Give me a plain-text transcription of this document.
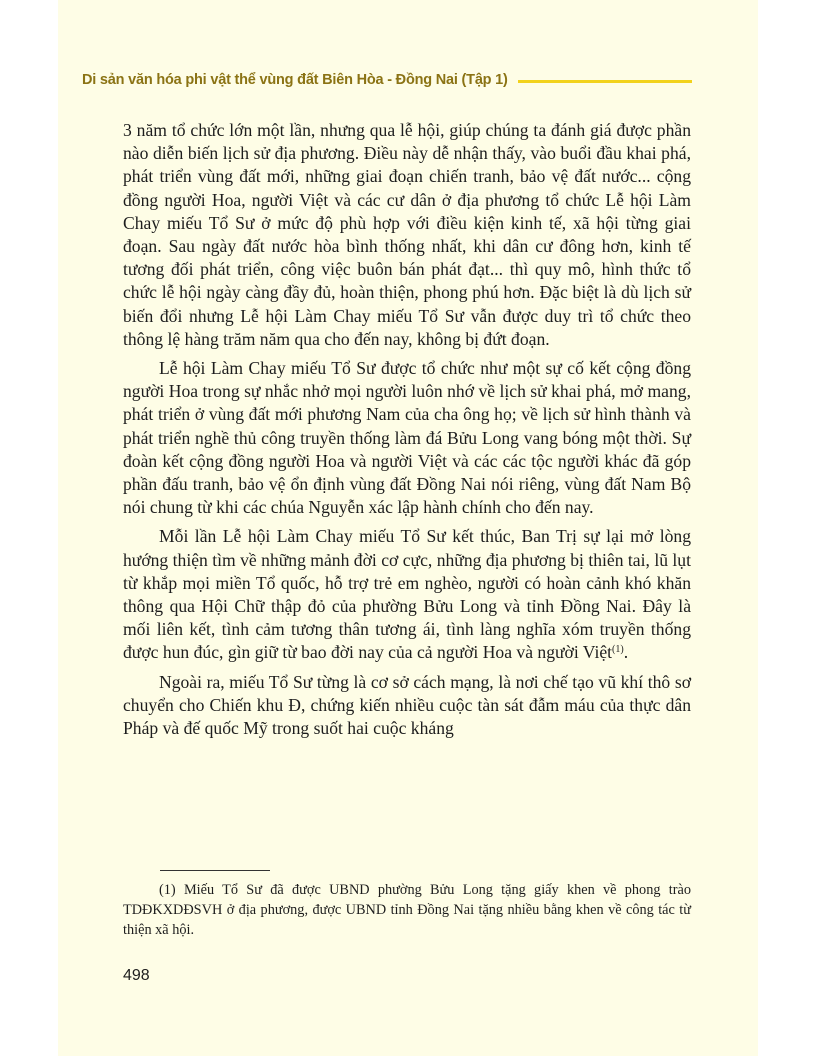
Di sản văn hóa phi vật thể vùng đất Biên Hòa - Đồng Nai (Tập 1)

3 năm tổ chức lớn một lần, nhưng qua lễ hội, giúp chúng ta đánh giá được phần nào diễn biến lịch sử địa phương. Điều này dễ nhận thấy, vào buổi đầu khai phá, phát triển vùng đất mới, những giai đoạn chiến tranh, bảo vệ đất nước... cộng đồng người Hoa, người Việt và các cư dân ở địa phương tổ chức Lễ hội Làm Chay miếu Tổ Sư ở mức độ phù hợp với điều kiện kinh tế, xã hội từng giai đoạn. Sau ngày đất nước hòa bình thống nhất, khi dân cư đông hơn, kinh tế tương đối phát triển, công việc buôn bán phát đạt... thì quy mô, hình thức tổ chức lễ hội ngày càng đầy đủ, hoàn thiện, phong phú hơn. Đặc biệt là dù lịch sử biến đổi nhưng Lễ hội Làm Chay miếu Tổ Sư vẫn được duy trì tổ chức theo thông lệ hàng trăm năm qua cho đến nay, không bị đứt đoạn.

Lễ hội Làm Chay miếu Tổ Sư được tổ chức như một sự cố kết cộng đồng người Hoa trong sự nhắc nhở mọi người luôn nhớ về lịch sử khai phá, mở mang, phát triển ở vùng đất mới phương Nam của cha ông họ; về lịch sử hình thành và phát triển nghề thủ công truyền thống làm đá Bửu Long vang bóng một thời. Sự đoàn kết cộng đồng người Hoa và người Việt và các các tộc người khác đã góp phần đấu tranh, bảo vệ ổn định vùng đất Đồng Nai nói riêng, vùng đất Nam Bộ nói chung từ khi các chúa Nguyễn xác lập hành chính cho đến nay.

Mỗi lần Lễ hội Làm Chay miếu Tổ Sư kết thúc, Ban Trị sự lại mở lòng hướng thiện tìm về những mảnh đời cơ cực, những địa phương bị thiên tai, lũ lụt từ khắp mọi miền Tổ quốc, hỗ trợ trẻ em nghèo, người có hoàn cảnh khó khăn thông qua Hội Chữ thập đỏ của phường Bửu Long và tỉnh Đồng Nai. Đây là mối liên kết, tình cảm tương thân tương ái, tình làng nghĩa xóm truyền thống được hun đúc, gìn giữ từ bao đời nay của cả người Hoa và người Việt$^{(1)}$.

Ngoài ra, miếu Tổ Sư từng là cơ sở cách mạng, là nơi chế tạo vũ khí thô sơ chuyển cho Chiến khu Đ, chứng kiến nhiều cuộc tàn sát đẫm máu của thực dân Pháp và đế quốc Mỹ trong suốt hai cuộc kháng

(1) Miếu Tổ Sư đã được UBND phường Bửu Long tặng giấy khen về phong trào TDĐKXDĐSVH ở địa phương, được UBND tỉnh Đồng Nai tặng nhiều bằng khen về công tác từ thiện xã hội.

498
